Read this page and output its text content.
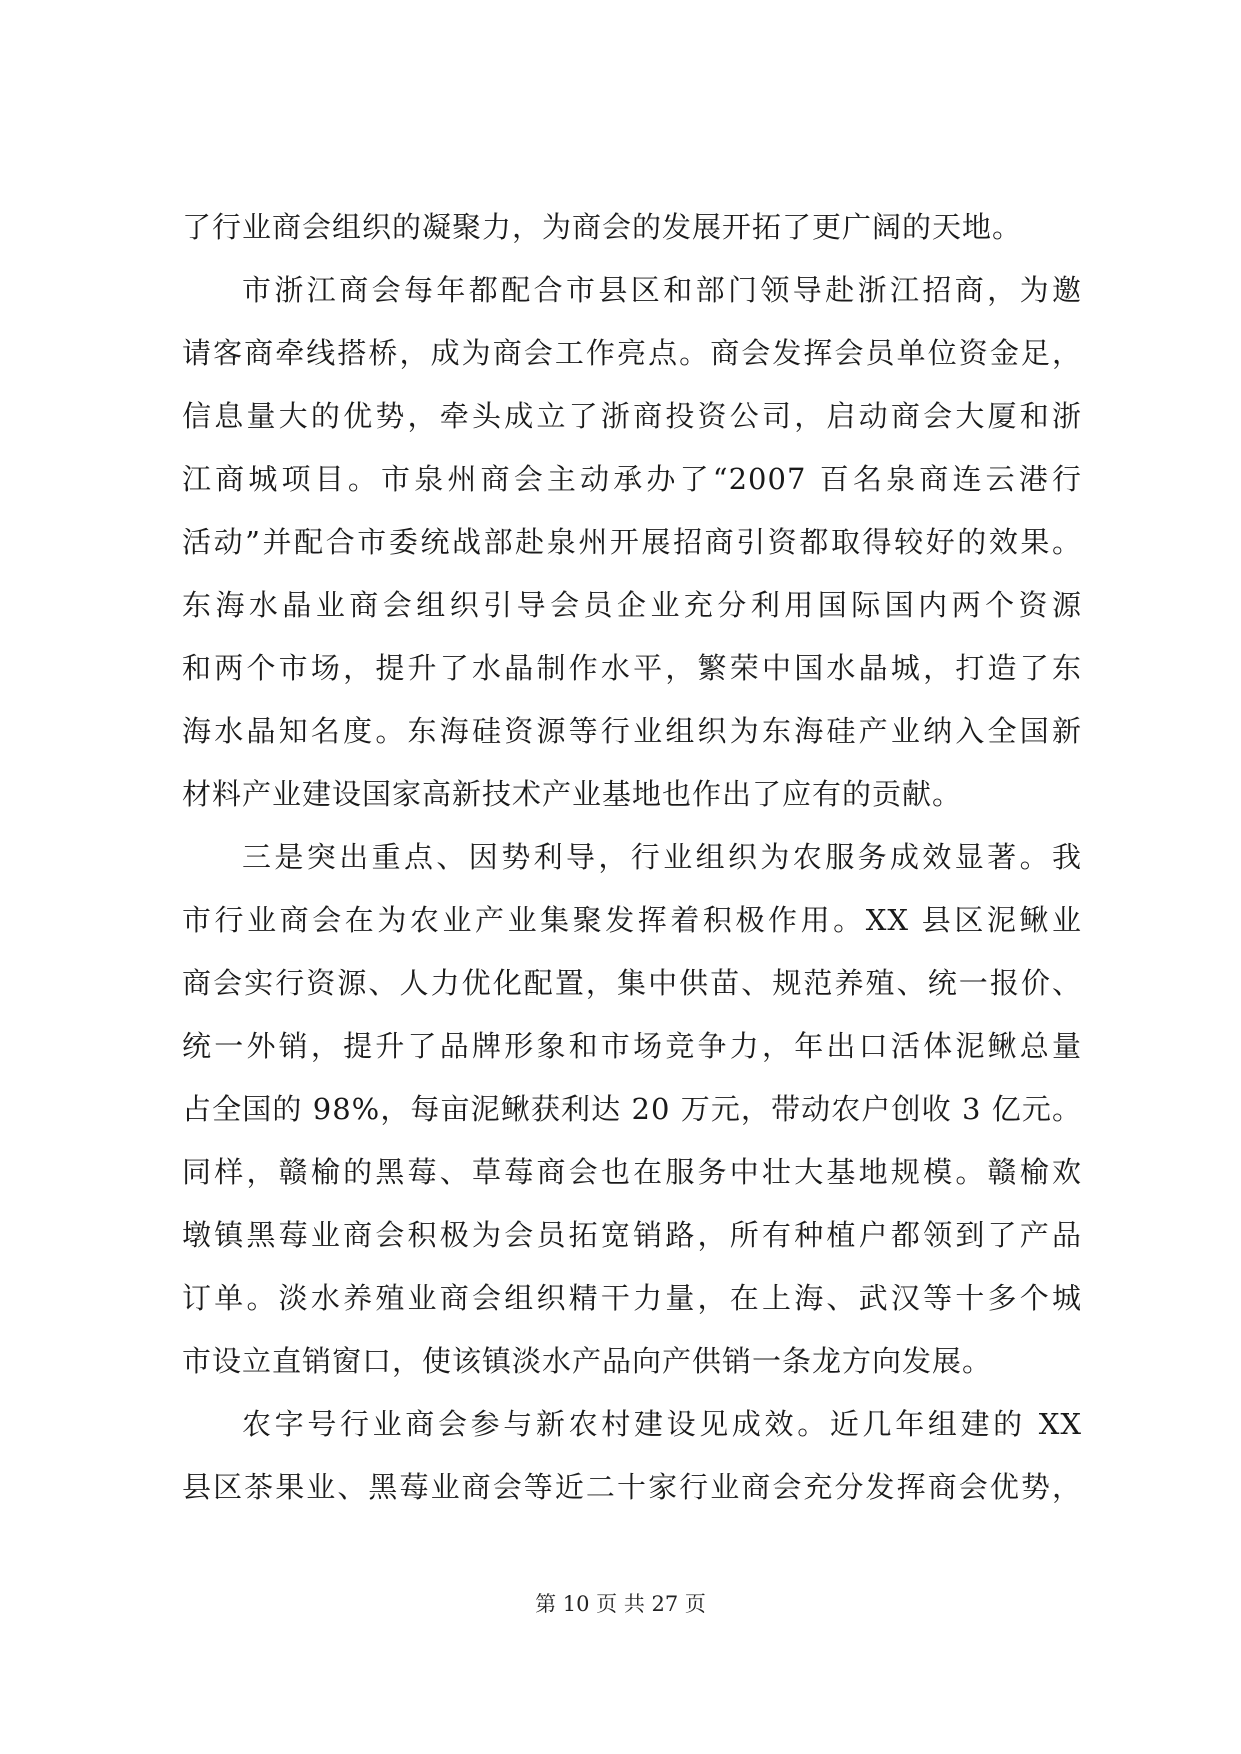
了行业商会组织的凝聚力，为商会的发展开拓了更广阔的天地。
市浙江商会每年都配合市县区和部门领导赴浙江招商，为邀
请客商牵线搭桥，成为商会工作亮点。商会发挥会员单位资金足，
信息量大的优势，牵头成立了浙商投资公司，启动商会大厦和浙
江商城项目。市泉州商会主动承办了“2007 百名泉商连云港行
活动”并配合市委统战部赴泉州开展招商引资都取得较好的效果。
东海水晶业商会组织引导会员企业充分利用国际国内两个资源
和两个市场，提升了水晶制作水平，繁荣中国水晶城，打造了东
海水晶知名度。东海硅资源等行业组织为东海硅产业纳入全国新
材料产业建设国家高新技术产业基地也作出了应有的贡献。
三是突出重点、因势利导，行业组织为农服务成效显著。我
市行业商会在为农业产业集聚发挥着积极作用。XX 县区泥鳅业
商会实行资源、人力优化配置，集中供苗、规范养殖、统一报价、
统一外销，提升了品牌形象和市场竞争力，年出口活体泥鳅总量
占全国的 98%，每亩泥鳅获利达 20 万元，带动农户创收 3 亿元。
同样，赣榆的黑莓、草莓商会也在服务中壮大基地规模。赣榆欢
墩镇黑莓业商会积极为会员拓宽销路，所有种植户都领到了产品
订单。淡水养殖业商会组织精干力量，在上海、武汉等十多个城
市设立直销窗口，使该镇淡水产品向产供销一条龙方向发展。
农字号行业商会参与新农村建设见成效。近几年组建的 XX
县区茶果业、黑莓业商会等近二十家行业商会充分发挥商会优势，
第 10 页 共 27 页
